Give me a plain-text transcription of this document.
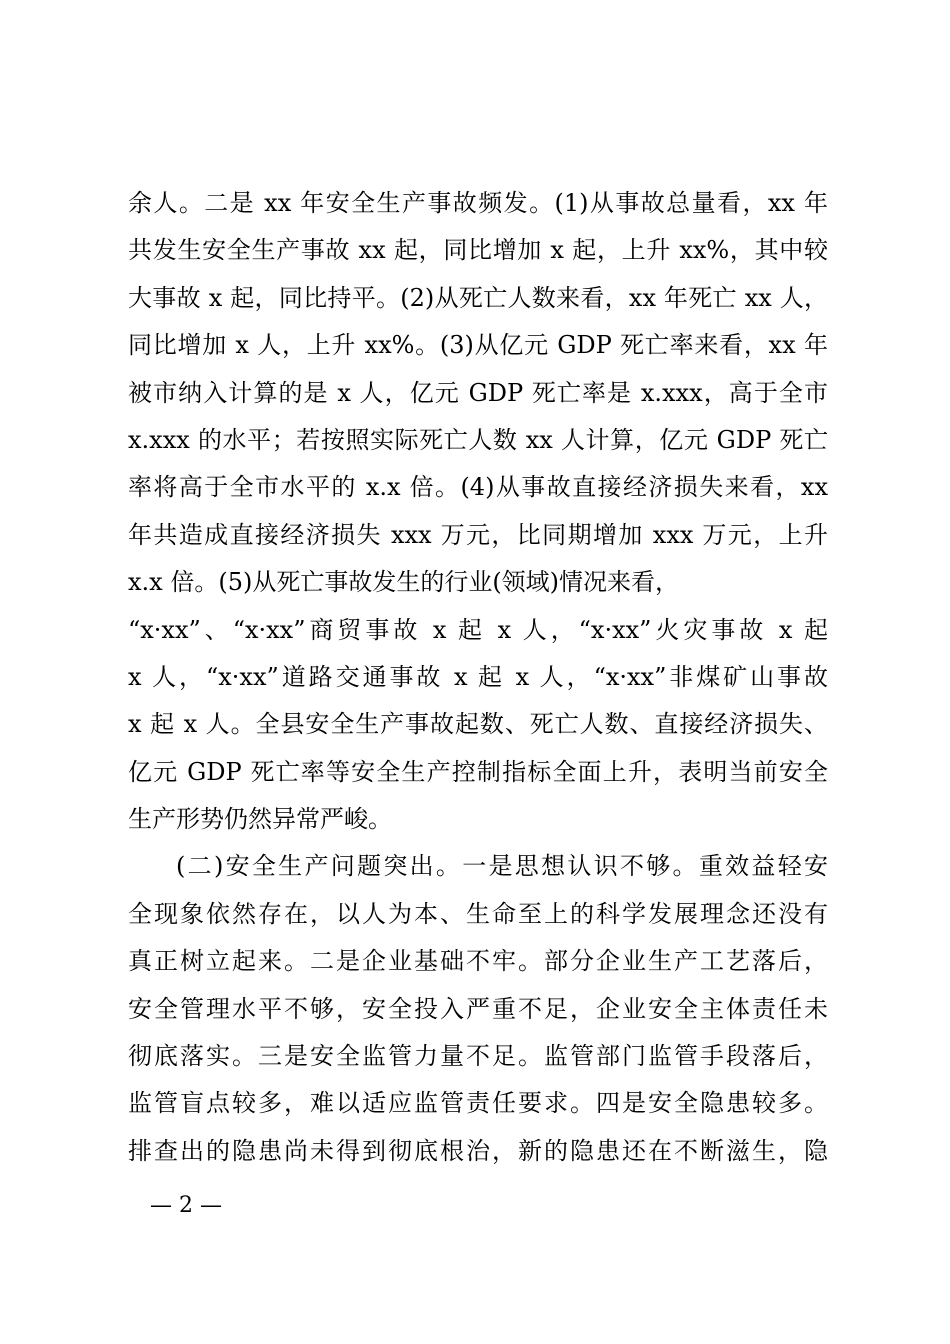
余人。二是 xx 年安全生产事故频发。(1)从事故总量看，xx 年
共发生安全生产事故 xx 起，同比增加 x 起，上升 xx%，其中较
大事故 x 起，同比持平。(2)从死亡人数来看，xx 年死亡 xx 人，
同比增加 x 人，上升 xx%。(3)从亿元 GDP 死亡率来看，xx 年
被市纳入计算的是 x 人，亿元 GDP 死亡率是 x.xxx，高于全市
x.xxx 的水平；若按照实际死亡人数 xx 人计算，亿元 GDP 死亡
率将高于全市水平的 x.x 倍。(4)从事故直接经济损失来看，xx
年共造成直接经济损失 xxx 万元，比同期增加 xxx 万元，上升
x.x 倍。(5)从死亡事故发生的行业(领域)情况来看，
“x·xx”、“x·xx”商贸事故 x 起 x 人，“x·xx”火灾事故 x 起
x 人，“x·xx”道路交通事故 x 起 x 人，“x·xx”非煤矿山事故
x 起 x 人。全县安全生产事故起数、死亡人数、直接经济损失、
亿元 GDP 死亡率等安全生产控制指标全面上升，表明当前安全
生产形势仍然异常严峻。
(二)安全生产问题突出。一是思想认识不够。重效益轻安
全现象依然存在，以人为本、生命至上的科学发展理念还没有
真正树立起来。二是企业基础不牢。部分企业生产工艺落后，
安全管理水平不够，安全投入严重不足，企业安全主体责任未
彻底落实。三是安全监管力量不足。监管部门监管手段落后，
监管盲点较多，难以适应监管责任要求。四是安全隐患较多。
排查出的隐患尚未得到彻底根治，新的隐患还在不断滋生，隐
— 2 —
